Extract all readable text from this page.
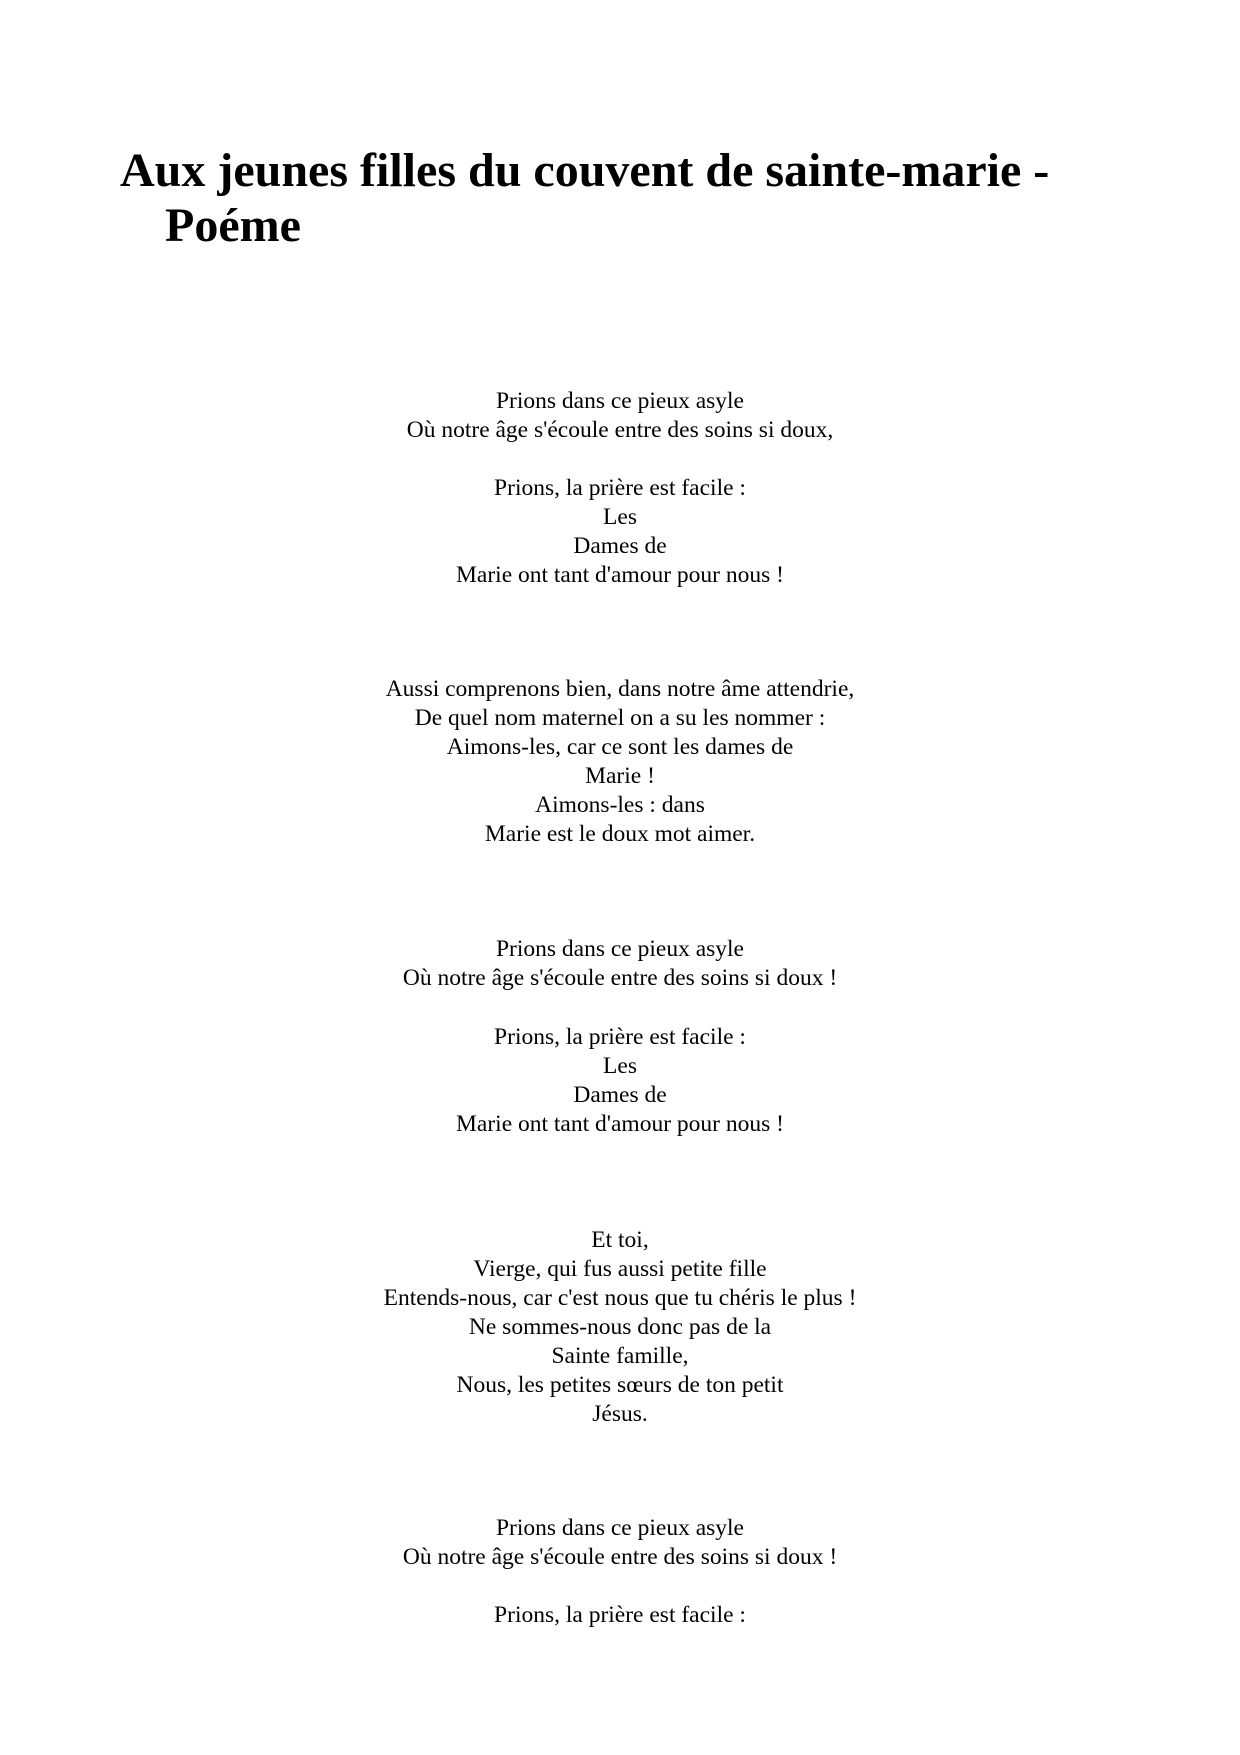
Aux jeunes filles du couvent de sainte-marie - Poéme
Prions dans ce pieux asyle
Où notre âge s'écoule entre des soins si doux,
Prions, la prière est facile :
Les
Dames de
Marie ont tant d'amour pour nous !
Aussi comprenons bien, dans notre âme attendrie,
De quel nom maternel on a su les nommer :
Aimons-les, car ce sont les dames de
Marie !
Aimons-les : dans
Marie est le doux mot aimer.
Prions dans ce pieux asyle
Où notre âge s'écoule entre des soins si doux !
Prions, la prière est facile :
Les
Dames de
Marie ont tant d'amour pour nous !
Et toi,
Vierge, qui fus aussi petite fille
Entends-nous, car c'est nous que tu chéris le plus !
Ne sommes-nous donc pas de la
Sainte famille,
Nous, les petites sœurs de ton petit
Jésus.
Prions dans ce pieux asyle
Où notre âge s'écoule entre des soins si doux !
Prions, la prière est facile :
